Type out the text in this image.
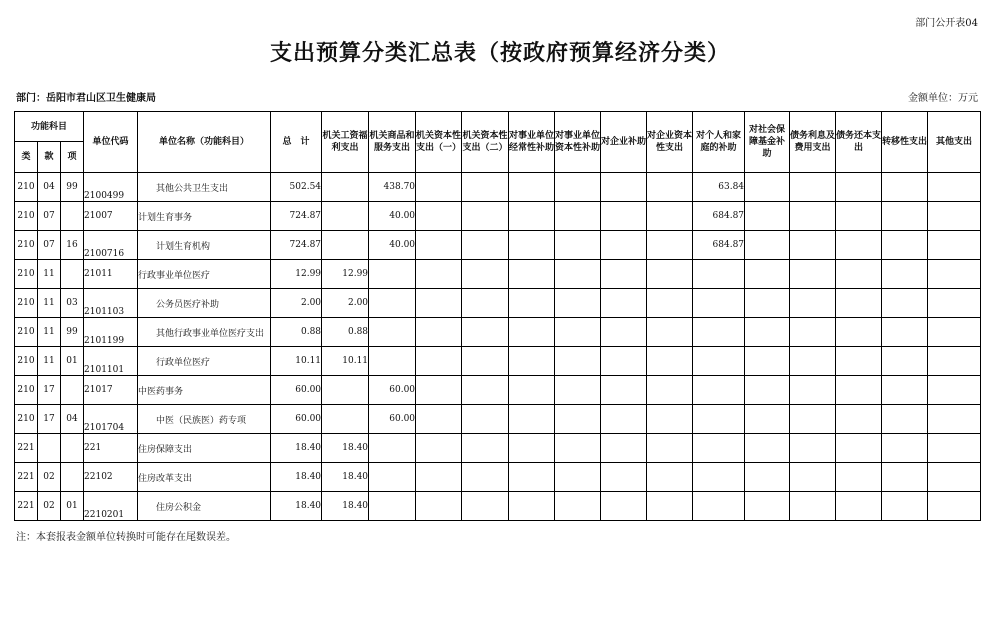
部门公开表04
支出预算分类汇总表（按政府预算经济分类）
部门：岳阳市君山区卫生健康局	金额单位：万元
功能科目			单位代码	单位名称（功能科目）	总　计	机关工资福利支出	机关商品和服务支出	机关资本性支出（一）	机关资本性支出（二）	对事业单位经常性补助	对事业单位资本性补助	对企业补助	对企业资本性支出	对个人和家庭的补助	对社会保障基金补助	债务利息及费用支出	债务还本支出	转移性支出	其他支出
类	款	项																	
210	04	99	2100499	其他公共卫生支出	502.54		438.70							63.84					
210	07		21007	计划生育事务	724.87		40.00							684.87					
210	07	16	2100716	计划生育机构	724.87		40.00							684.87					
210	11		21011	行政事业单位医疗	12.99	12.99													
210	11	03	2101103	公务员医疗补助	2.00	2.00													
210	11	99	2101199	其他行政事业单位医疗支出	0.88	0.88													
210	11	01	2101101	行政单位医疗	10.11	10.11													
210	17		21017	中医药事务	60.00		60.00												
210	17	04	2101704	中医（民族医）药专项	60.00		60.00												
221			221	住房保障支出	18.40	18.40													
221	02		22102	住房改革支出	18.40	18.40													
221	02	01	2210201	住房公积金	18.40	18.40													
注：本套报表金额单位转换时可能存在尾数误差。
